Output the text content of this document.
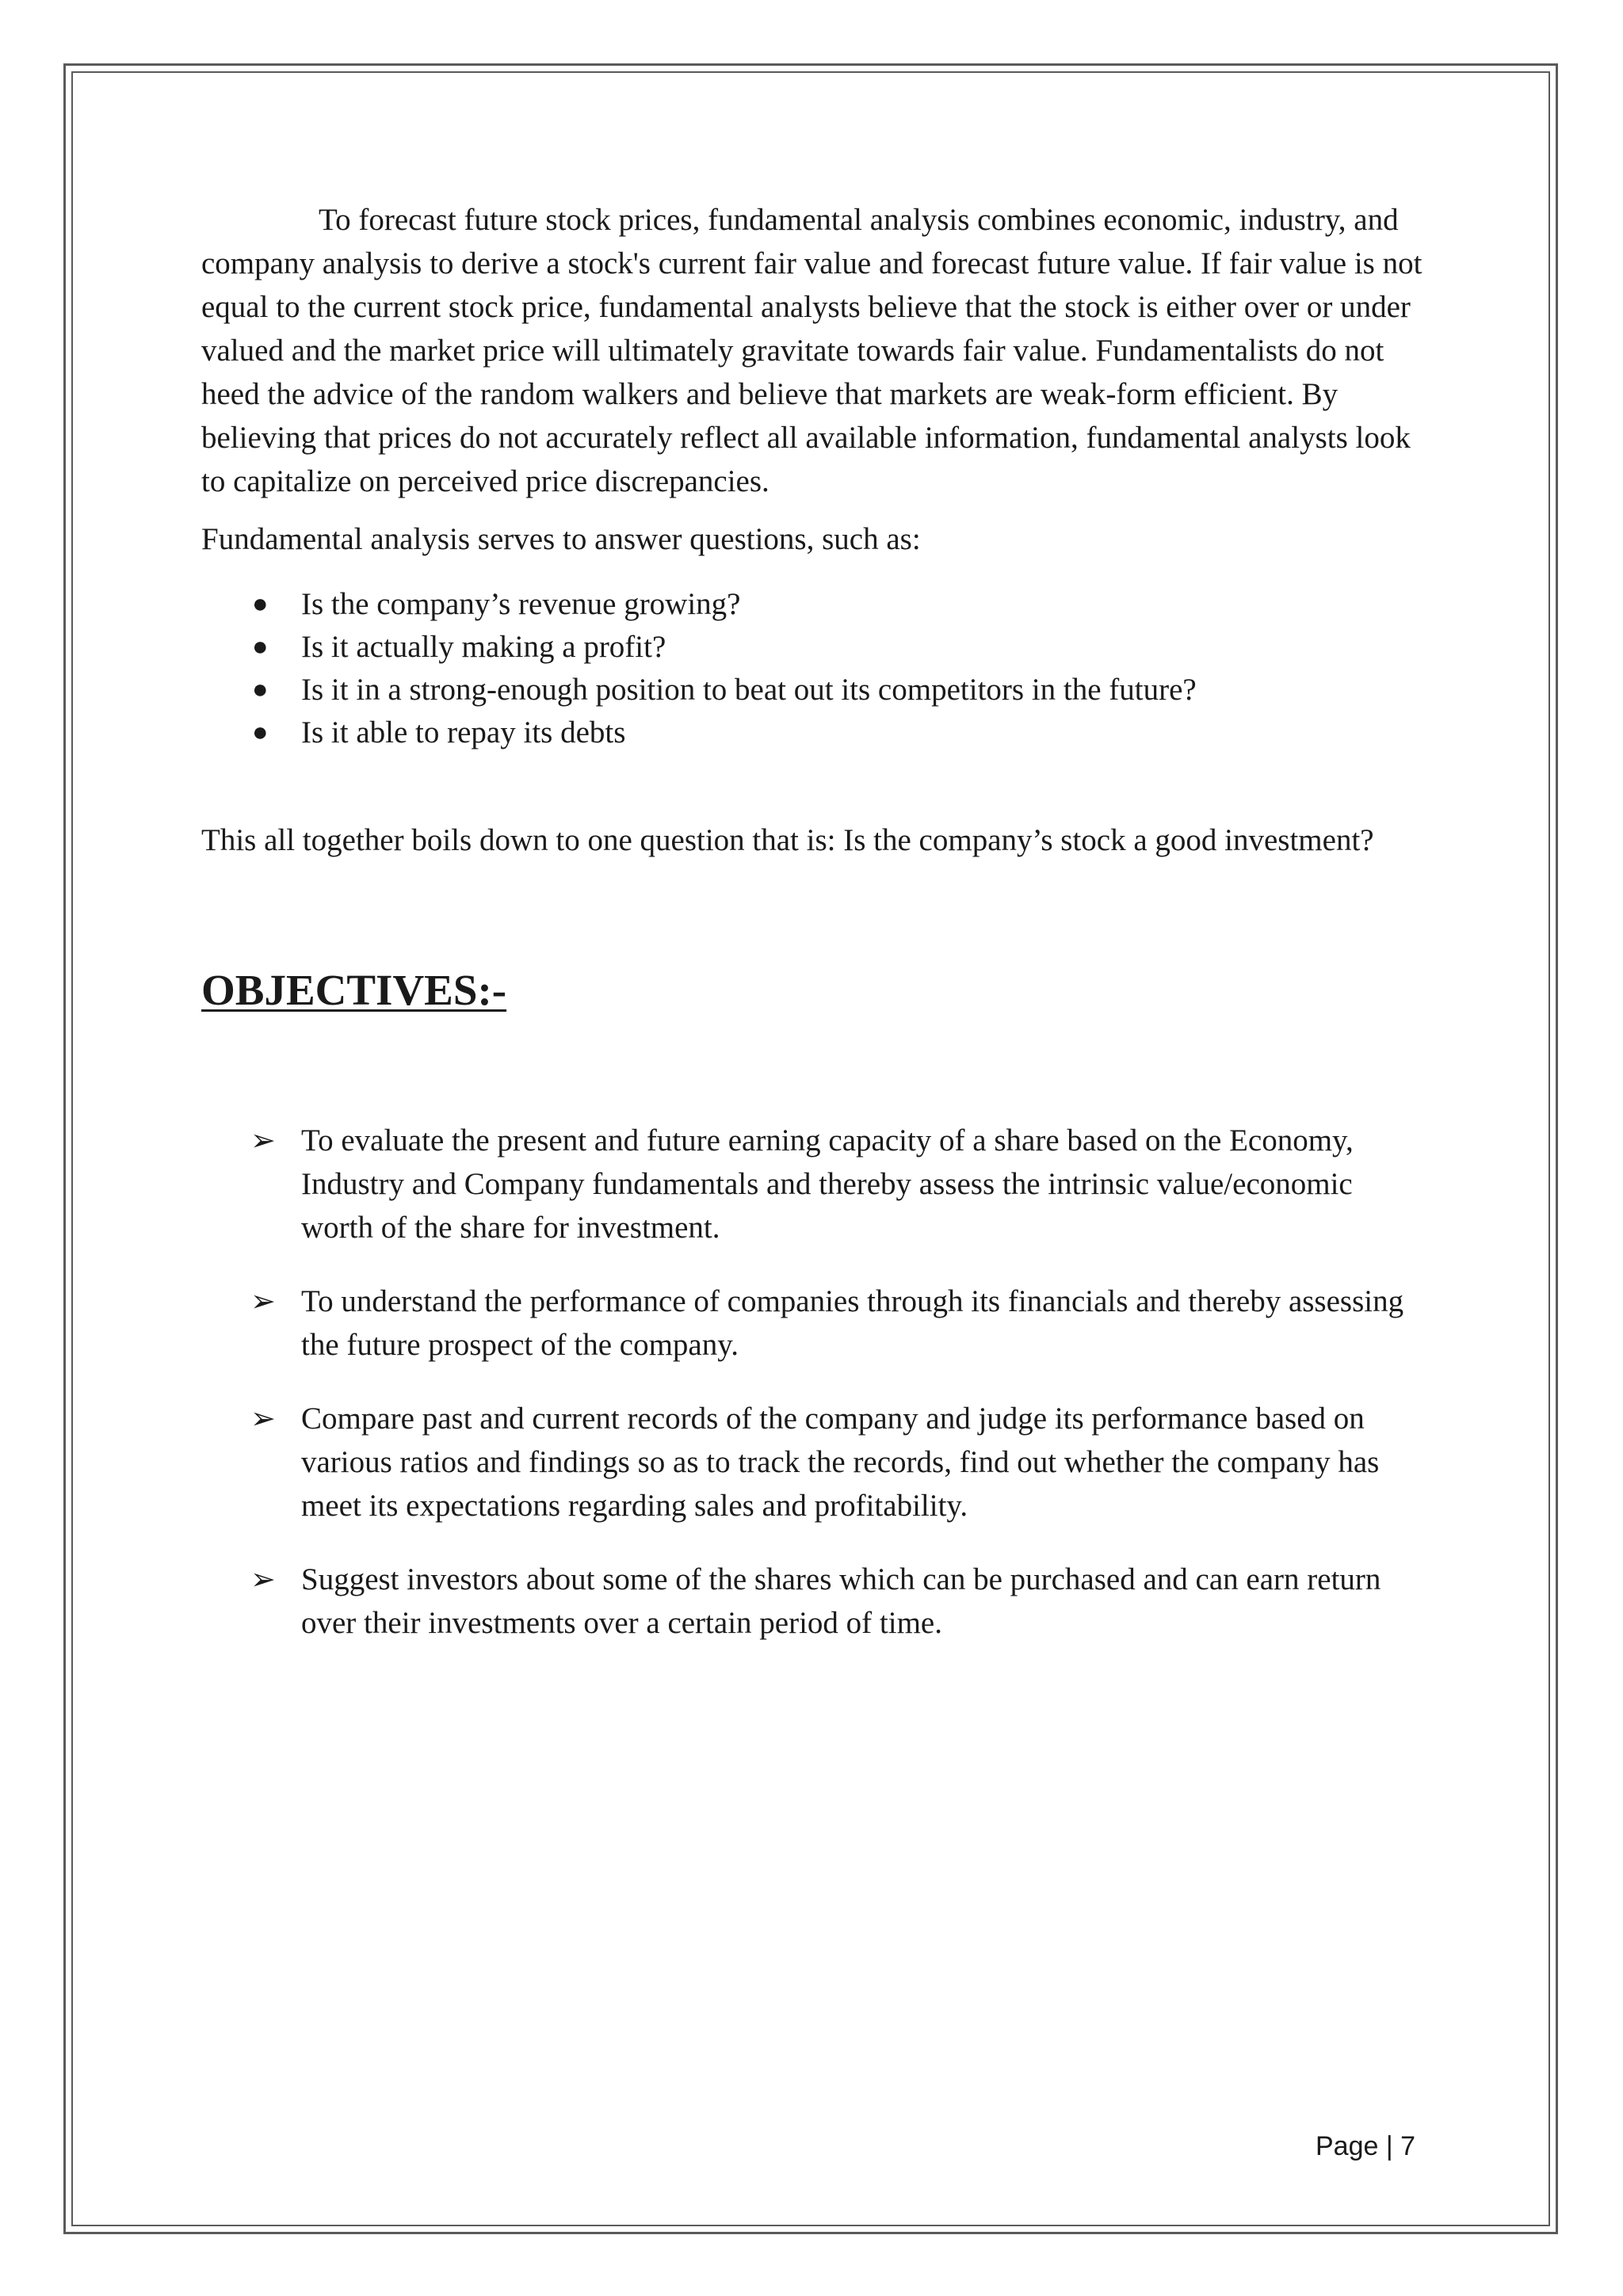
To forecast future stock prices, fundamental analysis combines economic, industry, and company analysis to derive a stock's current fair value and forecast future value. If fair value is not equal to the current stock price, fundamental analysts believe that the stock is either over or under valued and the market price will ultimately gravitate towards fair value. Fundamentalists do not heed the advice of the random walkers and believe that markets are weak-form efficient. By believing that prices do not accurately reflect all available information, fundamental analysts look to capitalize on perceived price discrepancies.

Fundamental analysis serves to answer questions, such as:

● Is the company’s revenue growing?
● Is it actually making a profit?
● Is it in a strong-enough position to beat out its competitors in the future?
● Is it able to repay its debts

This all together boils down to one question that is: Is the company’s stock a good investment?

OBJECTIVES:-
➢ To evaluate the present and future earning capacity of a share based on the Economy, Industry and Company fundamentals and thereby assess the intrinsic value/economic worth of the share for investment.
➢ To understand the performance of companies through its financials and thereby assessing the future prospect of the company.
➢ Compare past and current records of the company and judge its performance based on various ratios and findings so as to track the records, find out whether the company has meet its expectations regarding sales and profitability.
➢ Suggest investors about some of the shares which can be purchased and can earn return over their investments over a certain period of time.
Page | 7
